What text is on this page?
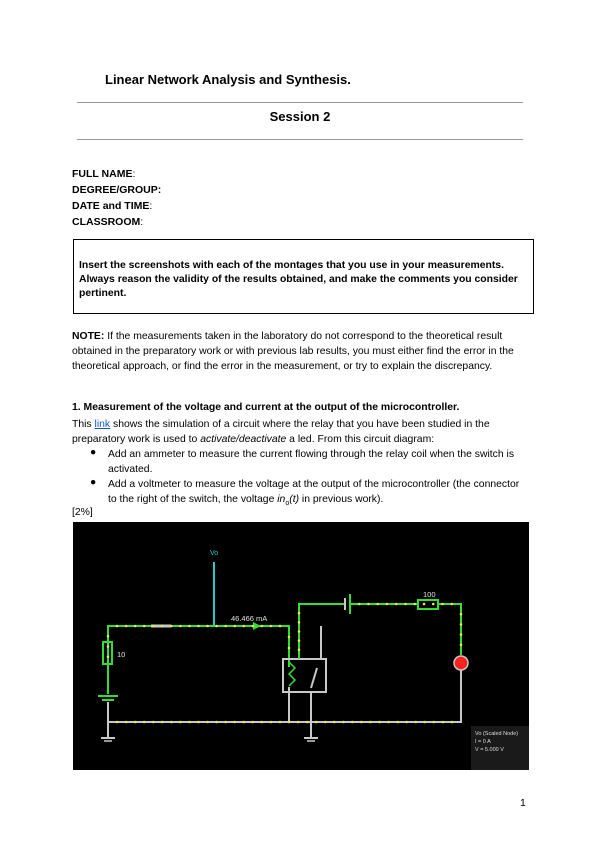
Linear Network Analysis and Synthesis.
Session 2
FULL NAME:
DEGREE/GROUP:
DATE and TIME:
CLASSROOM:

Insert the screenshots with each of the montages that you use in your measurements. Always reason the validity of the results obtained, and make the comments you consider pertinent.

NOTE: If the measurements taken in the laboratory do not correspond to the theoretical result obtained in the preparatory work or with previous lab results, you must either find the error in the theoretical approach, or find the error in the measurement, or try to explain the discrepancy.
1. Measurement of the voltage and current at the output of the microcontroller.
This link shows the simulation of a circuit where the relay that you have been studied in the preparatory work is used to activate/deactivate a led. From this circuit diagram:
● Add an ammeter to measure the current flowing through the relay coil when the switch is activated.
● Add a voltmeter to measure the voltage at the output of the microcontroller (the connector to the right of the switch, the voltage $in_o(t)$ in previous work).
[2%]
Vo
46.466 mA
10
100
Vo (Scaled Node)
I = 0 A
V = 5.000 V
1
